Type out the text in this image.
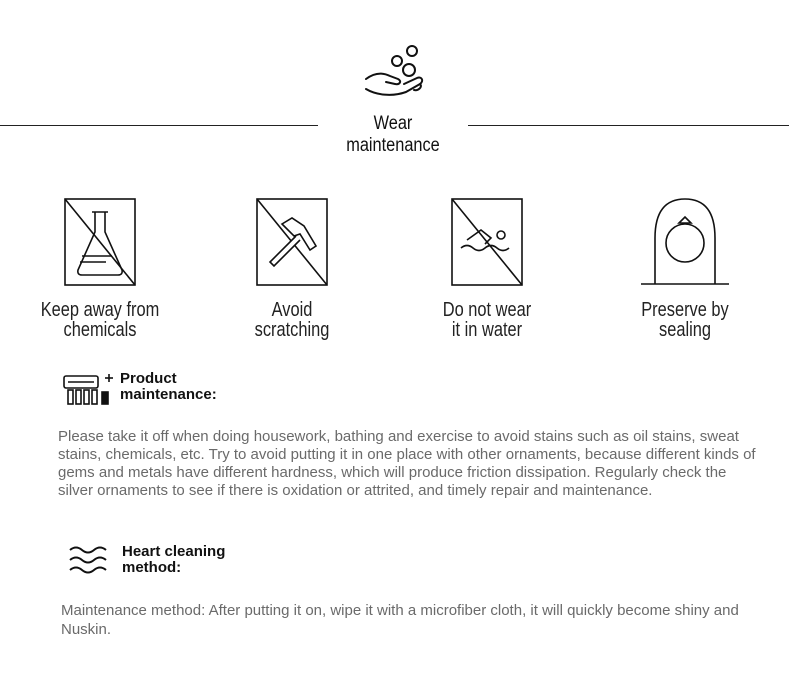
Wear maintenance
Keep away from
chemicals
Avoid
scratching
Do not wear
it in water
Preserve by
sealing
Product
maintenance:
Please take it off when doing housework, bathing and exercise to avoid stains such as oil stains, sweat stains, chemicals, etc. Try to avoid putting it in one place with other ornaments, because different kinds of gems and metals have different hardness, which will produce friction dissipation. Regularly check the silver ornaments to see if there is oxidation or attrited, and timely repair and maintenance.
Heart cleaning
method:
Maintenance method: After putting it on, wipe it with a microfiber cloth, it will quickly become shiny and Nuskin.
